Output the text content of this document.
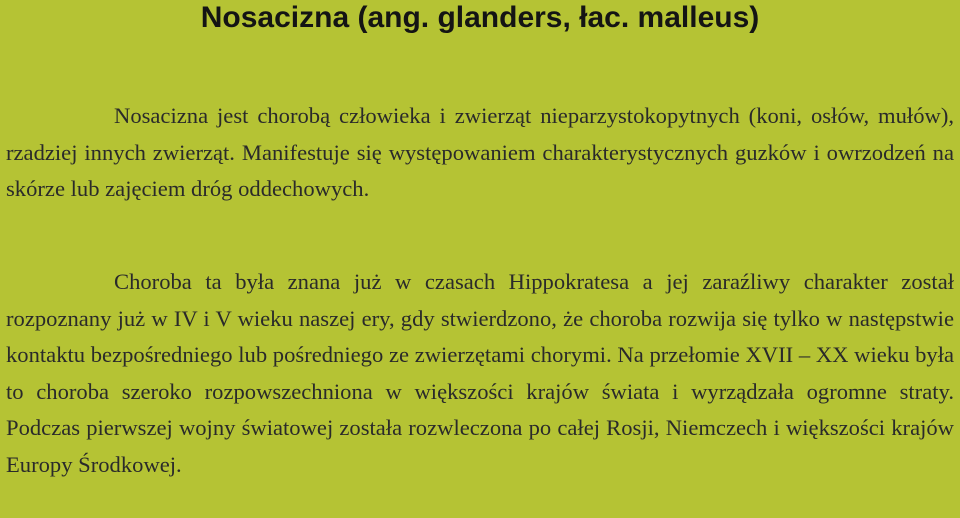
Nosacizna (ang. glanders, łac. malleus)

Nosacizna jest chorobą człowieka i zwierząt nieparzystokopytnych (koni, osłów, mułów), rzadziej innych zwierząt. Manifestuje się występowaniem charakterystycznych guzków i owrzodzeń na skórze lub zajęciem dróg oddechowych.

Choroba ta była znana już w czasach Hippokratesa a jej zaraźliwy charakter został rozpoznany już w IV i V wieku naszej ery, gdy stwierdzono, że choroba rozwija się tylko w następstwie kontaktu bezpośredniego lub pośredniego ze zwierzętami chorymi. Na przełomie XVII – XX wieku była to choroba szeroko rozpowszechniona w większości krajów świata i wyrządzała ogromne straty. Podczas pierwszej wojny światowej została rozwleczona po całej Rosji, Niemczech i większości krajów Europy Środkowej.
